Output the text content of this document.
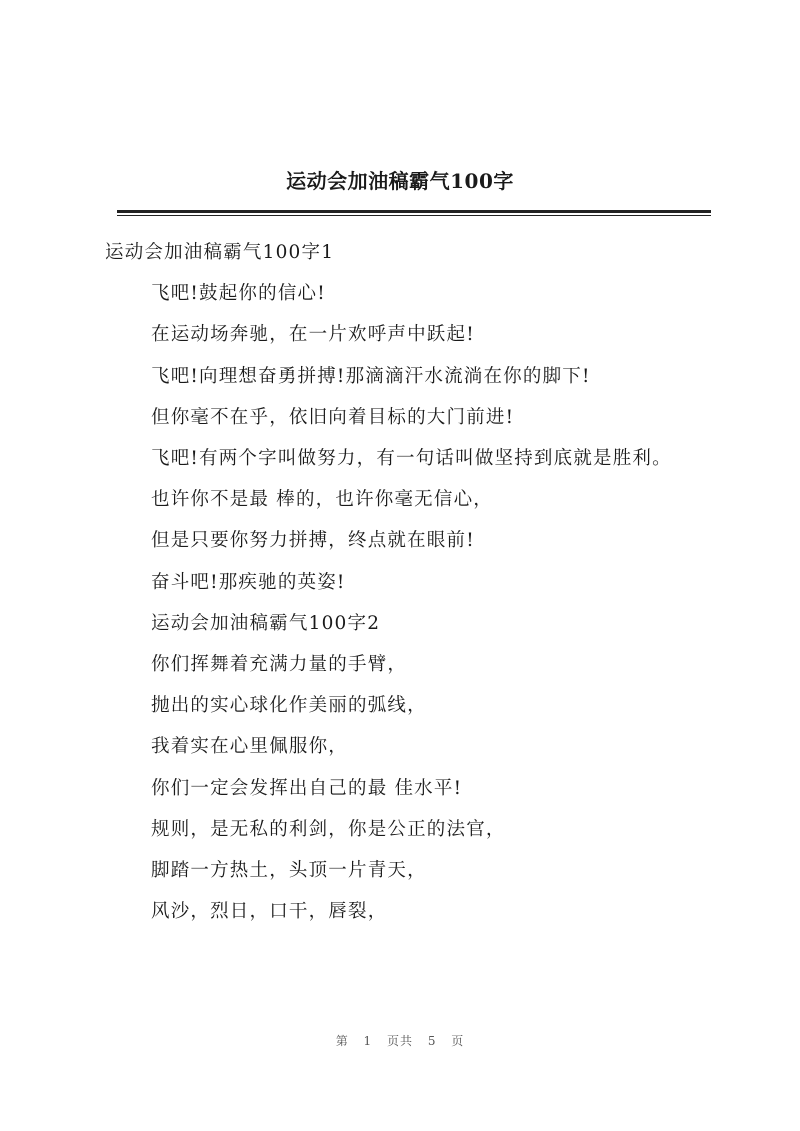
运动会加油稿霸气100字

运动会加油稿霸气100字1

飞吧!鼓起你的信心!

在运动场奔驰，在一片欢呼声中跃起!

飞吧!向理想奋勇拼搏!那滴滴汗水流淌在你的脚下!

但你毫不在乎，依旧向着目标的大门前进!

飞吧!有两个字叫做努力，有一句话叫做坚持到底就是胜利。

也许你不是最 棒的，也许你毫无信心，

但是只要你努力拼搏，终点就在眼前!

奋斗吧!那疾驰的英姿!

运动会加油稿霸气100字2

你们挥舞着充满力量的手臂，

抛出的实心球化作美丽的弧线，

我着实在心里佩服你，

你们一定会发挥出自己的最 佳水平!

规则，是无私的利剑，你是公正的法官，

脚踏一方热土，头顶一片青天，

风沙，烈日，口干，唇裂，

第 1 页共 5 页
